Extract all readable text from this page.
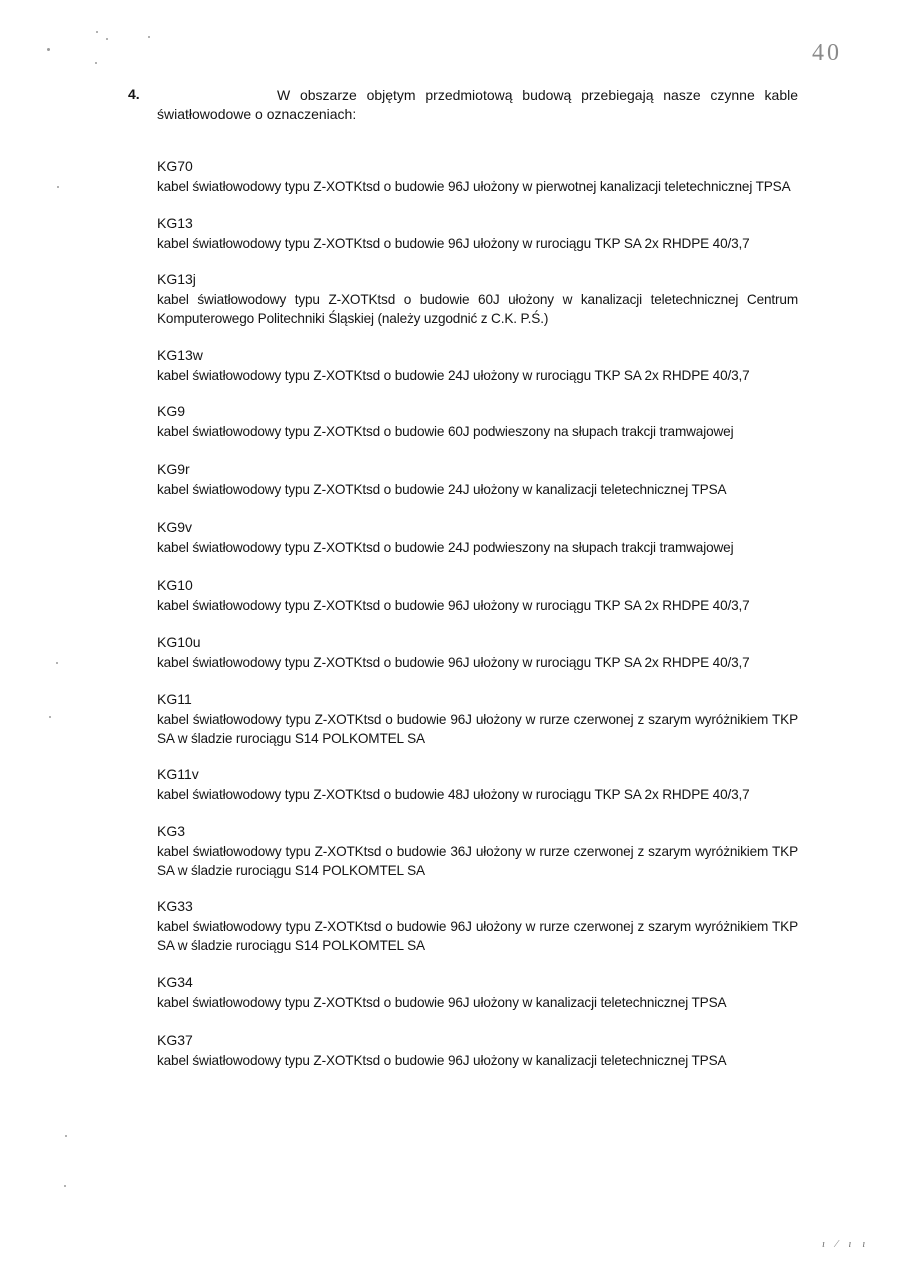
40
4.	W obszarze objętym przedmiotową budową przebiegają nasze czynne kable światłowodowe o oznaczeniach:
KG70
kabel światłowodowy typu Z-XOTKtsd o budowie 96J ułożony w pierwotnej kanalizacji teletechnicznej TPSA
KG13
kabel światłowodowy typu Z-XOTKtsd o budowie 96J ułożony w rurociągu TKP SA 2x RHDPE 40/3,7
KG13j
kabel światłowodowy typu Z-XOTKtsd o budowie 60J ułożony w kanalizacji teletechnicznej Centrum Komputerowego Politechniki Śląskiej (należy uzgodnić z C.K. P.Ś.)
KG13w
kabel światłowodowy typu Z-XOTKtsd o budowie 24J ułożony w rurociągu TKP SA 2x RHDPE 40/3,7
KG9
kabel światłowodowy typu Z-XOTKtsd o budowie 60J podwieszony na słupach trakcji tramwajowej
KG9r
kabel światłowodowy typu Z-XOTKtsd o budowie 24J ułożony w kanalizacji teletechnicznej TPSA
KG9v
kabel światłowodowy typu Z-XOTKtsd o budowie 24J podwieszony na słupach trakcji tramwajowej
KG10
kabel światłowodowy typu Z-XOTKtsd o budowie 96J ułożony w rurociągu TKP SA 2x RHDPE 40/3,7
KG10u
kabel światłowodowy typu Z-XOTKtsd o budowie 96J ułożony w rurociągu TKP SA 2x RHDPE 40/3,7
KG11
kabel światłowodowy typu Z-XOTKtsd o budowie 96J ułożony w rurze czerwonej z szarym wyróżnikiem TKP SA w śladzie rurociągu S14 POLKOMTEL SA
KG11v
kabel światłowodowy typu Z-XOTKtsd o budowie 48J ułożony w rurociągu TKP SA 2x RHDPE 40/3,7
KG3
kabel światłowodowy typu Z-XOTKtsd o budowie 36J ułożony w rurze czerwonej z szarym wyróżnikiem TKP SA w śladzie rurociągu S14 POLKOMTEL SA
KG33
kabel światłowodowy typu Z-XOTKtsd o budowie 96J ułożony w rurze czerwonej z szarym wyróżnikiem TKP SA w śladzie rurociągu S14 POLKOMTEL SA
KG34
kabel światłowodowy typu Z-XOTKtsd o budowie 96J ułożony w kanalizacji teletechnicznej TPSA
KG37
kabel światłowodowy typu Z-XOTKtsd o budowie 96J ułożony w kanalizacji teletechnicznej TPSA
ı ⁄ ı ı
